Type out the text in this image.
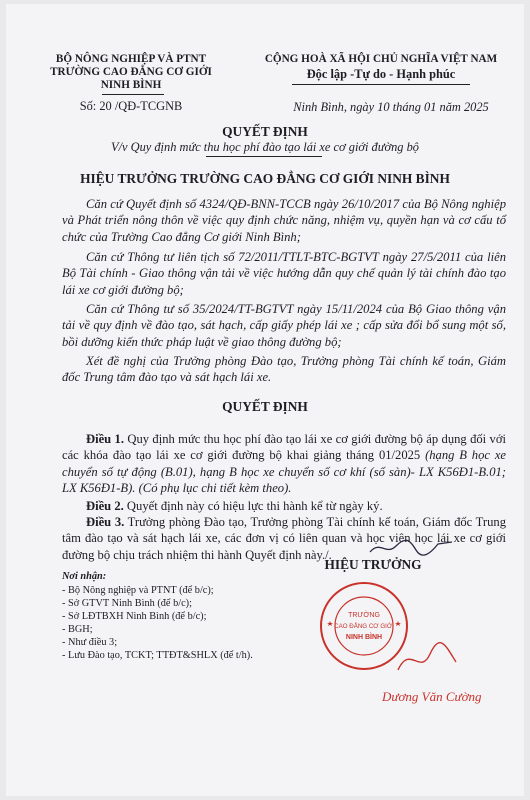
BỘ NÔNG NGHIỆP VÀ PTNT
TRƯỜNG CAO ĐẲNG CƠ GIỚI
NINH BÌNH
Số: 20 /QĐ-TCGNB
CỘNG HOÀ XÃ HỘI CHỦ NGHĨA VIỆT NAM
Độc lập -Tự do - Hạnh phúc
Ninh Bình, ngày 10 tháng 01 năm 2025
QUYẾT ĐỊNH
V/v Quy định mức thu học phí đào tạo lái xe cơ giới đường bộ
HIỆU TRƯỞNG TRƯỜNG CAO ĐẲNG CƠ GIỚI NINH BÌNH
Căn cứ Quyết định số 4324/QĐ-BNN-TCCB ngày 26/10/2017 của Bộ Nông nghiệp và Phát triển nông thôn về việc quy định chức năng, nhiệm vụ, quyền hạn và cơ cấu tổ chức của Trường Cao đẳng Cơ giới Ninh Bình;
Căn cứ Thông tư liên tịch số 72/2011/TTLT-BTC-BGTVT ngày 27/5/2011 của liên Bộ Tài chính - Giao thông vận tải về việc hướng dẫn quy chế quản lý tài chính đào tạo lái xe cơ giới đường bộ;
Căn cứ Thông tư số 35/2024/TT-BGTVT ngày 15/11/2024 của Bộ Giao thông vận tải về quy định về đào tạo, sát hạch, cấp giấy phép lái xe ; cấp sửa đổi bổ sung một số, bồi dưỡng kiến thức pháp luật về giao thông đường bộ;
Xét đề nghị của Trưởng phòng Đào tạo, Trưởng phòng Tài chính kế toán, Giám đốc Trung tâm đào tạo và sát hạch lái xe.
QUYẾT ĐỊNH
Điều 1. Quy định mức thu học phí đào tạo lái xe cơ giới đường bộ áp dụng đối với các khóa đào tạo lái xe cơ giới đường bộ khai giảng tháng 01/2025 (hạng B học xe chuyển số tự động (B.01), hạng B học xe chuyển số cơ khí (số sàn)- LX K56Đ1-B.01; LX K56Đ1-B). (Có phụ lục chi tiết kèm theo).
Điều 2. Quyết định này có hiệu lực thi hành kể từ ngày ký.
Điều 3. Trưởng phòng Đào tạo, Trưởng phòng Tài chính kế toán, Giám đốc Trung tâm đào tạo và sát hạch lái xe, các đơn vị có liên quan và học viên học lái xe cơ giới đường bộ chịu trách nhiệm thi hành Quyết định này./.
Nơi nhận:
- Bộ Nông nghiệp và PTNT (để b/c);
- Sở GTVT Ninh Bình (để b/c);
- Sở LĐTBXH Ninh Bình (để b/c);
- BGH;
- Như điều 3;
- Lưu Đào tạo, TCKT; TTĐT&SHLX (để t/h).
HIỆU TRƯỞNG
TRƯỜNG
CAO ĐẲNG CƠ GIỚI
NINH BÌNH
Dương Văn Cường
